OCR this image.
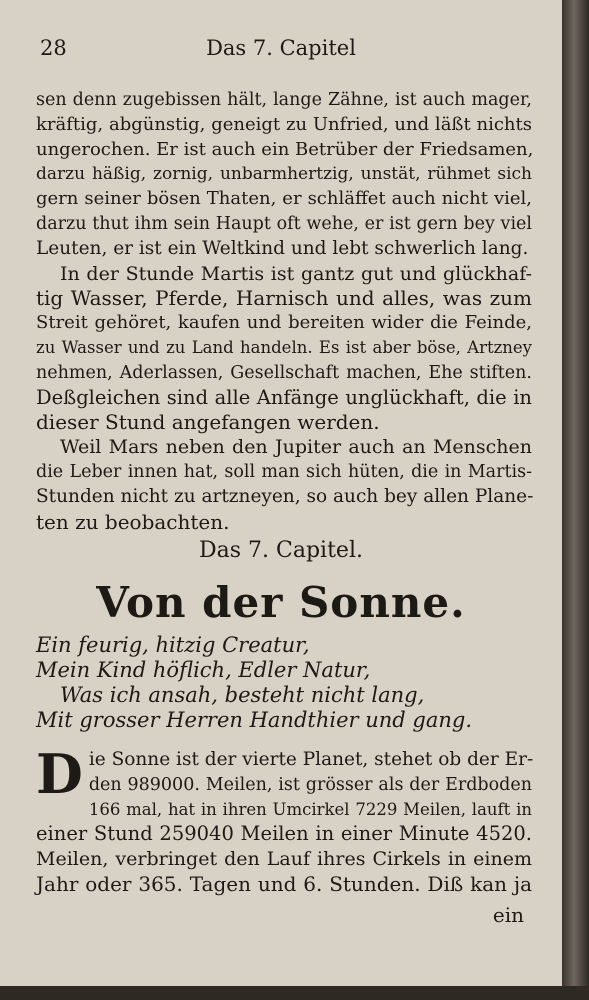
28	Das 7. Capitel
sen denn zugebissen hält, lange Zähne, ist auch mager,
kräftig, abgünstig, geneigt zu Unfried, und läßt nichts
ungerochen. Er ist auch ein Betrüber der Friedsamen,
darzu häßig, zornig, unbarmhertzig, unstät, rühmet sich
gern seiner bösen Thaten, er schläffet auch nicht viel,
darzu thut ihm sein Haupt oft wehe, er ist gern bey viel
Leuten, er ist ein Weltkind und lebt schwerlich lang.
In der Stunde Martis ist gantz gut und glückhaf-
tig Wasser, Pferde, Harnisch und alles, was zum
Streit gehöret, kaufen und bereiten wider die Feinde,
zu Wasser und zu Land handeln. Es ist aber böse, Artzney
nehmen, Aderlassen, Gesellschaft machen, Ehe stiften.
Deßgleichen sind alle Anfänge unglückhaft, die in
dieser Stund angefangen werden.
Weil Mars neben den Jupiter auch an Menschen
die Leber innen hat, soll man sich hüten, die in Martis-
Stunden nicht zu artzneyen, so auch bey allen Plane-
ten zu beobachten.
Das 7. Capitel.
Von der Sonne.
Ein feurig, hitzig Creatur,
Mein Kind höflich, Edler Natur,
Was ich ansah, besteht nicht lang,
Mit grosser Herren Handthier und gang.
D ie Sonne ist der vierte Planet, stehet ob der Er-
den 989000. Meilen, ist grösser als der Erdboden
166 mal, hat in ihren Umcirkel 7229 Meilen, lauft in
einer Stund 259040 Meilen in einer Minute 4520.
Meilen, verbringet den Lauf ihres Cirkels in einem
Jahr oder 365. Tagen und 6. Stunden. Diß kan ja
ein
